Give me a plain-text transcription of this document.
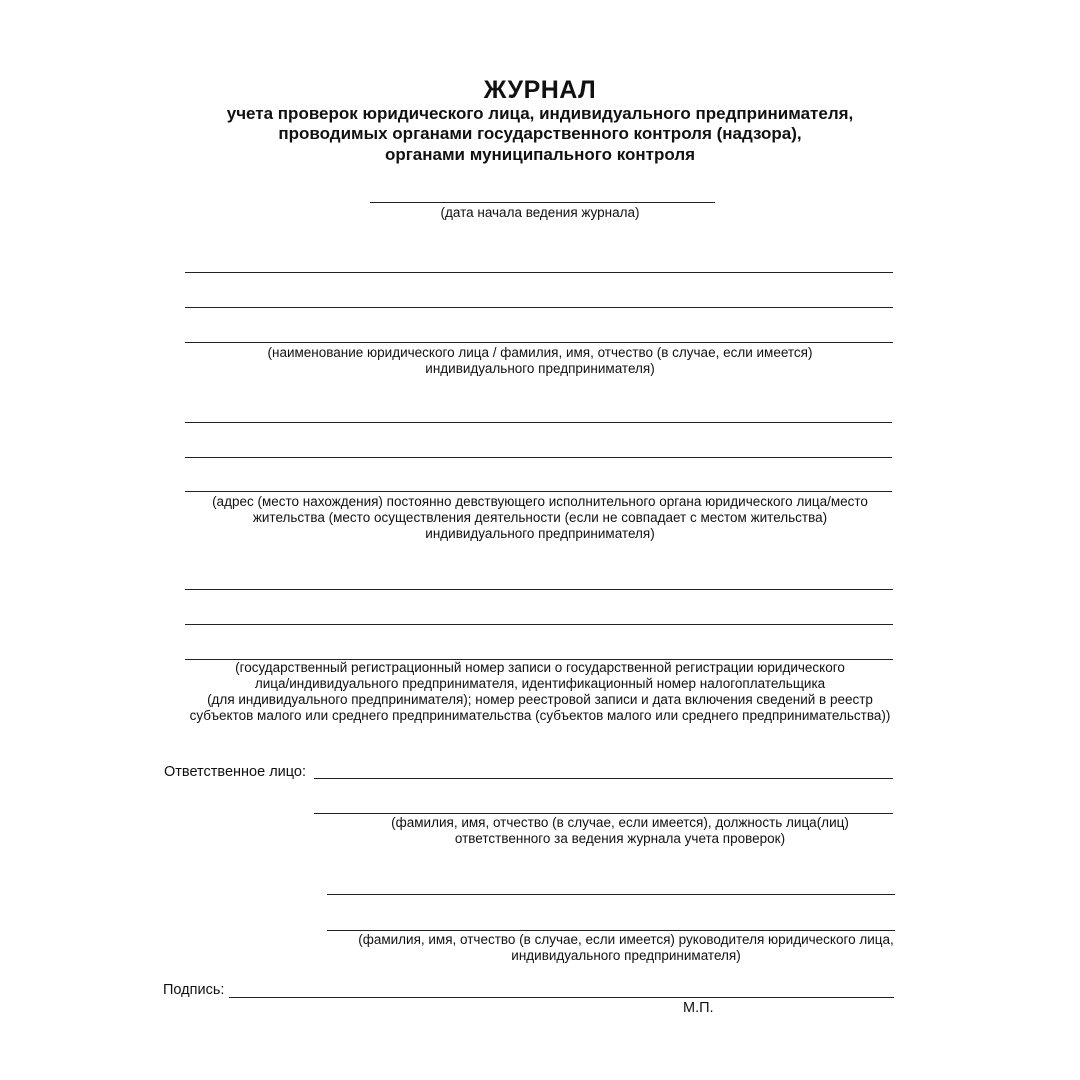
ЖУРНАЛ
учета проверок юридического лица, индивидуального предпринимателя,
проводимых органами государственного контроля (надзора),
органами муниципального контроля
(дата начала ведения журнала)
(наименование юридического лица / фамилия, имя, отчество (в случае, если имеется)
индивидуального предпринимателя)
(адрес (место нахождения) постоянно девствующего исполнительного органа юридического лица/место
жительства (место осуществления деятельности (если не совпадает с местом жительства)
индивидуального предпринимателя)
(государственный регистрационный номер записи о государственной регистрации юридического
лица/индивидуального предпринимателя, идентификационный номер налогоплательщика
(для индивидуального предпринимателя); номер реестровой записи и дата включения сведений в реестр
субъектов малого или среднего предпринимательства (субъектов малого или среднего предпринимательства))
Ответственное лицо:
(фамилия, имя, отчество (в случае, если имеется), должность лица(лиц)
ответственного за ведения журнала учета проверок)
(фамилия, имя, отчество (в случае, если имеется) руководителя юридического лица,
индивидуального предпринимателя)
Подпись:
М.П.
